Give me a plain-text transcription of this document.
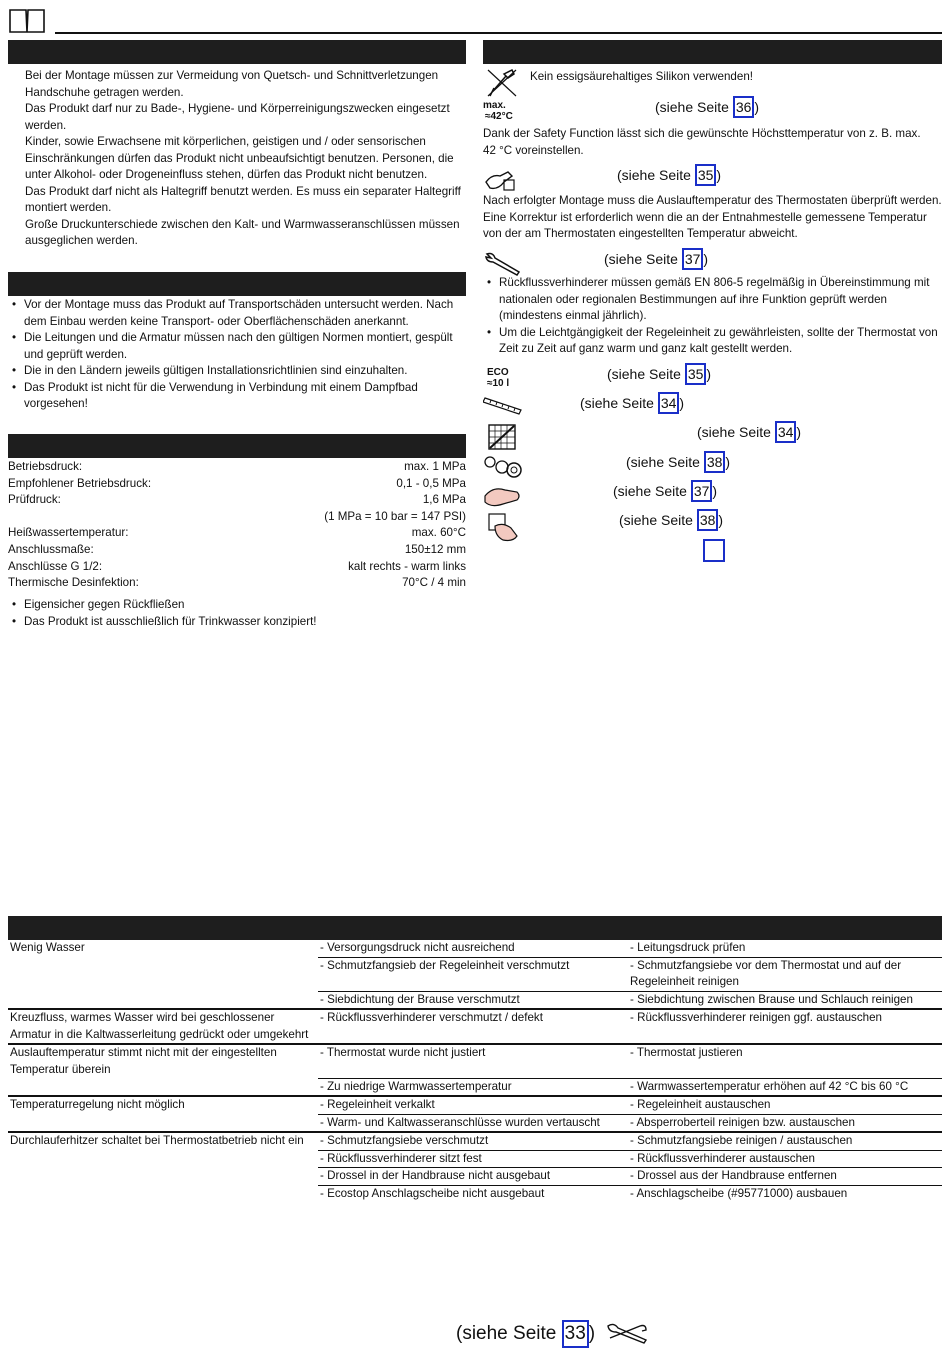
Bei der Montage müssen zur Vermeidung von Quetsch- und Schnittverletzungen Handschuhe getragen werden.

Das Produkt darf nur zu Bade-, Hygiene- und Körperreinigungszwecken eingesetzt werden.

Kinder, sowie Erwachsene mit körperlichen, geistigen und / oder sensorischen Einschränkungen dürfen das Produkt nicht unbeaufsichtigt benutzen. Personen, die unter Alkohol- oder Drogeneinfluss stehen, dürfen das Produkt nicht benutzen.

Das Produkt darf nicht als Haltegriff benutzt werden. Es muss ein separater Haltegriff montiert werden.

Große Druckunterschiede zwischen den Kalt- und Warmwasseranschlüssen müssen ausgeglichen werden.

• Vor der Montage muss das Produkt auf Transportschäden untersucht werden. Nach dem Einbau werden keine Transport- oder Oberflächenschäden anerkannt.
• Die Leitungen und die Armatur müssen nach den gültigen Normen montiert, gespült und geprüft werden.
• Die in den Ländern jeweils gültigen Installationsrichtlinien sind einzuhalten.
• Das Produkt ist nicht für die Verwendung in Verbindung mit einem Dampfbad vorgesehen!
Betriebsdruck:	max. 1 MPa
Empfohlener Betriebsdruck:	0,1 - 0,5 MPa
Prüfdruck:	1,6 MPa
(1 MPa = 10 bar = 147 PSI)
Heißwassertemperatur:	max. 60°C
Anschlussmaße:	150±12 mm
Anschlüsse G 1/2:	kalt rechts - warm links
Thermische Desinfektion:	70°C / 4 min
• Eigensicher gegen Rückfließen
• Das Produkt ist ausschließlich für Trinkwasser konzipiert!
Kein essigsäurehaltiges Silikon verwenden!
max.
≈42°C
(siehe Seite 36 )
Dank der Safety Function lässt sich die gewünschte Höchsttemperatur von z. B. max. 42 °C voreinstellen.
(siehe Seite 35 )
Nach erfolgter Montage muss die Auslauftemperatur des Thermostaten überprüft werden. Eine Korrektur ist erforderlich wenn die an der Entnahmestelle gemessene Temperatur von der am Thermostaten eingestellten Temperatur abweicht.
(siehe Seite 37 )
• Rückflussverhinderer müssen gemäß EN 806-5 regelmäßig in Übereinstimmung mit nationalen oder regionalen Bestimmungen auf ihre Funktion geprüft werden (mindestens einmal jährlich).
• Um die Leichtgängigkeit der Regeleinheit zu gewährleisten, sollte der Thermostat von Zeit zu Zeit auf ganz warm und ganz kalt gestellt werden.
ECO
≈10 l
(siehe Seite 35 )
(siehe Seite 34 )
(siehe Seite 34 )
(siehe Seite 38 )
(siehe Seite 37 )
(siehe Seite 38 )
Wenig Wasser	- Versorgungsdruck nicht ausreichend	- Leitungsdruck prüfen
	- Schmutzfangsieb der Regeleinheit verschmutzt	- Schmutzfangsiebe vor dem Thermostat und auf der Regeleinheit reinigen
	- Siebdichtung der Brause verschmutzt	- Siebdichtung zwischen Brause und Schlauch reinigen
Kreuzfluss, warmes Wasser wird bei geschlossener Armatur in die Kaltwasserleitung gedrückt oder umgekehrt	- Rückflussverhinderer verschmutzt / defekt	- Rückflussverhinderer reinigen ggf. austauschen
Auslauftemperatur stimmt nicht mit der eingestellten Temperatur überein	- Thermostat wurde nicht justiert	- Thermostat justieren
	- Zu niedrige Warmwassertemperatur	- Warmwassertemperatur erhöhen auf 42 °C bis 60 °C
Temperaturregelung nicht möglich	- Regeleinheit verkalkt	- Regeleinheit austauschen
	- Warm- und Kaltwasseranschlüsse wurden vertauscht	- Absperroberteil reinigen bzw. austauschen
Durchlauferhitzer schaltet bei Thermostatbetrieb nicht ein	- Schmutzfangsiebe verschmutzt	- Schmutzfangsiebe reinigen / austauschen
	- Rückflussverhinderer sitzt fest	- Rückflussverhinderer austauschen
	- Drossel in der Handbrause nicht ausgebaut	- Drossel aus der Handbrause entfernen
	- Ecostop Anschlagscheibe nicht ausgebaut	- Anschlagscheibe (#95771000) ausbauen
(siehe Seite 33 )
